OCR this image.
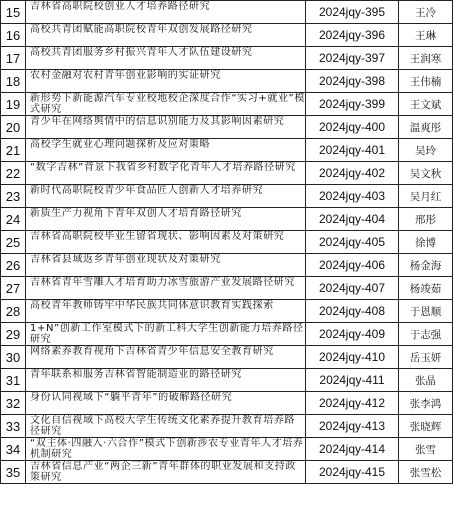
15	吉林省高职院校创业人才培养路径研究	2024jqy-395	王冷
16	高校共青团赋能高职院校青年双创发展路径研究	2024jqy-396	王琳
17	高校共青团服务乡村振兴青年人才队伍建设研究	2024jqy-397	王润寒
18	农村金融对农村青年创业影响的实证研究	2024jqy-398	王伟楠
19	新形势下新能源汽车专业校地校企深度合作“实习+就业”模式研究	2024jqy-399	王文斌
20	青少年在网络舆情中的信息识别能力及其影响因素研究	2024jqy-400	温爽彤
21	高校学生就业心理问题探析及应对策略	2024jqy-401	吴玲
22	“数字吉林”背景下我省乡村数字化青年人才培养路径研究	2024jqy-402	吴文秋
23	新时代高职院校青少年食品匠人创新人才培养研究	2024jqy-403	吴月红
24	新质生产力视角下青年双创人才培育路径研究	2024jqy-404	邢彤
25	吉林省高职院校毕业生留省现状、影响因素及对策研究	2024jqy-405	徐博
26	吉林省县域返乡青年创业现状及对策研究	2024jqy-406	杨金海
27	吉林省青年雪雕人才培育助力冰雪旅游产业发展路径研究	2024jqy-407	杨竣茹
28	高校青年教师铸牢中华民族共同体意识教育实践探索	2024jqy-408	于恩顺
29	1+N”创新工作室模式下的新工科大学生创新能力培养路径研究	2024jqy-409	于志强
30	网络素养教育视角下吉林省青少年信息安全教育研究	2024jqy-410	岳玉妍
31	青年联系和服务吉林省智能制造业的路径研究	2024jqy-411	张晶
32	身份认同视域下“躺平青年”的破解路径研究	2024jqy-412	张李鸿
33	文化自信视域下高校大学生传统文化素养提升教育培养路径研究	2024jqy-413	张晓辉
34	“双主体·四融入·六合作”模式下创新涉农专业青年人才培养机制研究	2024jqy-414	张雪
35	吉林省信息产业“两企三新”青年群体的职业发展和支持政策研究	2024jqy-415	张雪松
